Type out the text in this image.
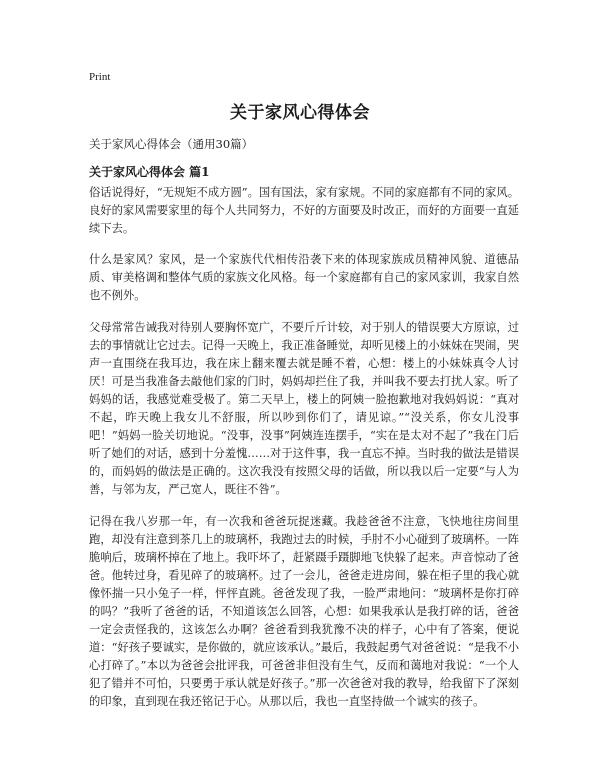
Print
关于家风心得体会
关于家风心得体会（通用30篇）
关于家风心得体会 篇1

俗话说得好，“无规矩不成方圆”。国有国法，家有家规。不同的家庭都有不同的家风。良好的家风需要家里的每个人共同努力，不好的方面要及时改正，而好的方面要一直延续下去。

什么是家风？家风，是一个家族代代相传沿袭下来的体现家族成员精神风貌、道德品质、审美格调和整体气质的家族文化风格。每一个家庭都有自己的家风家训，我家自然也不例外。

父母常常告诫我对待别人要胸怀宽广，不要斤斤计较，对于别人的错误要大方原谅，过去的事情就让它过去。记得一天晚上，我正准备睡觉，却听见楼上的小妹妹在哭闹，哭声一直围绕在我耳边，我在床上翻来覆去就是睡不着，心想：楼上的小妹妹真令人讨厌！可是当我准备去敲他们家的门时，妈妈却拦住了我，并叫我不要去打扰人家。听了妈妈的话，我感觉难受极了。第二天早上，楼上的阿姨一脸抱歉地对我妈妈说：“真对不起，昨天晚上我女儿不舒服，所以吵到你们了，请见谅。”“没关系，你女儿没事吧！”妈妈一脸关切地说。“没事，没事”阿姨连连摆手，“实在是太对不起了”我在门后听了她们的对话，感到十分羞愧……对于这件事，我一直忘不掉。当时我的做法是错误的，而妈妈的做法是正确的。这次我没有按照父母的话做，所以我以后一定要“与人为善，与邻为友，严己宽人，既往不咎”。

记得在我八岁那一年，有一次我和爸爸玩捉迷藏。我趁爸爸不注意，飞快地往房间里跑，却没有注意到茶几上的玻璃杯，我跑过去的时候，手肘不小心碰到了玻璃杯。一阵脆响后，玻璃杯掉在了地上。我吓坏了，赶紧蹑手蹑脚地飞快躲了起来。声音惊动了爸爸。他转过身，看见碎了的玻璃杯。过了一会儿，爸爸走进房间，躲在柜子里的我心就像怀揣一只小兔子一样，怦怦直跳。爸爸发现了我，一脸严肃地问：“玻璃杯是你打碎的吗？”我听了爸爸的话，不知道该怎么回答，心想：如果我承认是我打碎的话，爸爸一定会责怪我的，这该怎么办啊？爸爸看到我犹豫不决的样子，心中有了答案，便说道：“好孩子要诚实，是你做的，就应该承认。”最后，我鼓起勇气对爸爸说：“是我不小心打碎了。”本以为爸爸会批评我，可爸爸非但没有生气，反而和蔼地对我说：“一个人犯了错并不可怕，只要勇于承认就是好孩子。”那一次爸爸对我的教导，给我留下了深刻的印象，直到现在我还铭记于心。从那以后，我也一直坚持做一个诚实的孩子。
